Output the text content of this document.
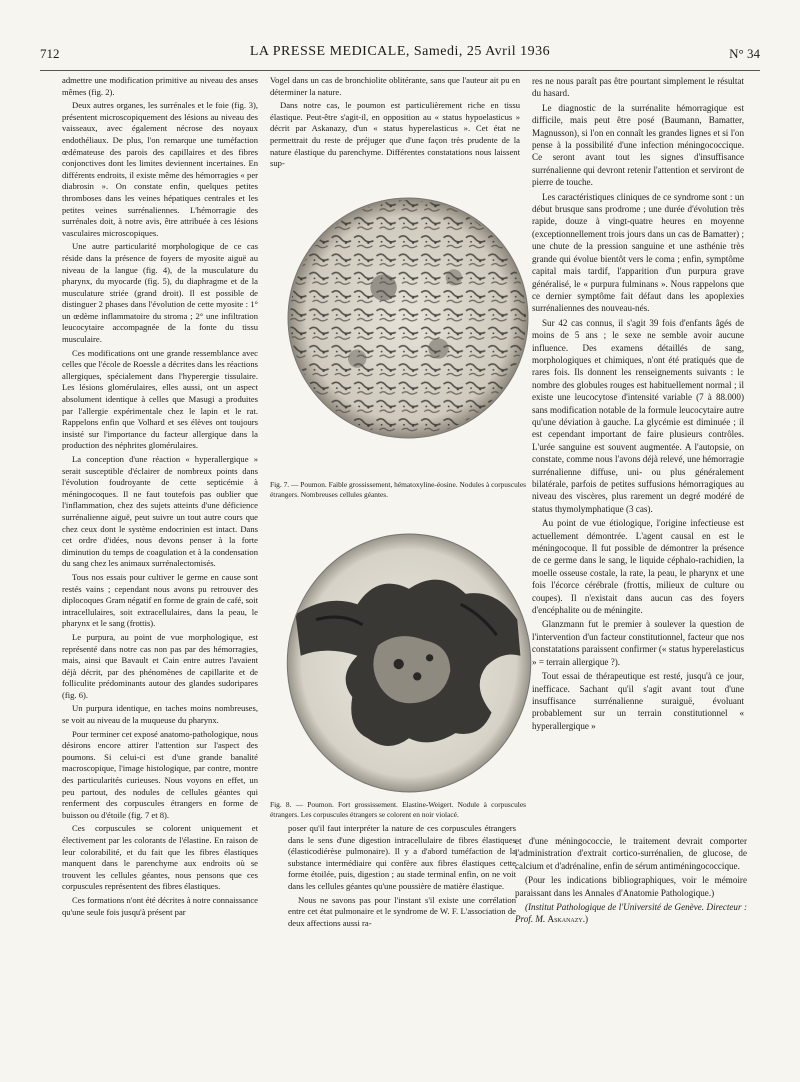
712	LA PRESSE MEDICALE, Samedi, 25 Avril 1936	N° 34

admettre une modification primitive au niveau des anses mêmes (fig. 2).

Deux autres organes, les surrénales et le foie (fig. 3), présentent microscopiquement des lésions au niveau des vaisseaux, avec également nécrose des noyaux endothéliaux. De plus, l'on remarque une tuméfaction œdémateuse des parois des capillaires et des fibres conjonctives dont les limites deviennent incertaines. En différents endroits, il existe même des hémorragies « per diabrosin ». On constate enfin, quelques petites thromboses dans les veines hépatiques centrales et les petites veines surrénaliennes. L'hémorragie des surrénales doit, à notre avis, être attribuée à ces lésions vasculaires microscopiques.

Une autre particularité morphologique de ce cas réside dans la présence de foyers de myosite aiguë au niveau de la langue (fig. 4), de la musculature du pharynx, du myocarde (fig. 5), du diaphragme et de la musculature striée (grand droit). Il est possible de distinguer 2 phases dans l'évolution de cette myosite : 1° un œdème inflammatoire du stroma ; 2° une infiltration leucocytaire accompagnée de la fonte du tissu musculaire.

Ces modifications ont une grande ressemblance avec celles que l'école de Roessle a décrites dans les réactions allergiques, spécialement dans l'hyperergie tissulaire. Les lésions glomérulaires, elles aussi, ont un aspect absolument identique à celles que Masugi a produites par l'allergie expérimentale chez le lapin et le rat. Rappelons enfin que Volhard et ses élèves ont toujours insisté sur l'importance du facteur allergique dans la production des néphrites glomérulaires.

La conception d'une réaction « hyperallergique » serait susceptible d'éclairer de nombreux points dans l'évolution foudroyante de cette septicémie à méningocoques. Il ne faut toutefois pas oublier que l'inflammation, chez des sujets atteints d'une déficience surrénalienne aiguë, peut suivre un tout autre cours que chez ceux dont le système endocrinien est intact. Dans cet ordre d'idées, nous devons penser à la forte diminution du temps de coagulation et à la condensation du sang chez les animaux surrénalectomisés.

Tous nos essais pour cultiver le germe en cause sont restés vains ; cependant nous avons pu retrouver des diplocoques Gram négatif en forme de grain de café, soit intracellulaires, soit extracellulaires, dans la peau, le pharynx et le sang (frottis).

Le purpura, au point de vue morphologique, est représenté dans notre cas non pas par des hémorragies, mais, ainsi que Bavault et Cain entre autres l'avaient déjà décrit, par des phénomènes de capillarite et de folliculite prédominants autour des glandes sudoripares (fig. 6).

Un purpura identique, en taches moins nombreuses, se voit au niveau de la muqueuse du pharynx.

Pour terminer cet exposé anatomo-pathologique, nous désirons encore attirer l'attention sur l'aspect des poumons. Si celui-ci est d'une grande banalité macroscopique, l'image histologique, par contre, montre des particularités curieuses. Nous voyons en effet, un peu partout, des nodules de cellules géantes qui renferment des corpuscules étrangers en forme de buisson ou d'étoile (fig. 7 et 8).

Ces corpuscules se colorent uniquement et électivement par les colorants de l'élastine. En raison de leur colorabilité, et du fait que les fibres élastiques manquent dans le parenchyme aux endroits où se trouvent les cellules géantes, nous pensons que ces corpuscules représentent des fibres élastiques.

Ces formations n'ont été décrites à notre connaissance qu'une seule fois jusqu'à présent par

Vogel dans un cas de bronchiolite oblitérante, sans que l'auteur ait pu en déterminer la nature.

Dans notre cas, le poumon est particulièrement riche en tissu élastique. Peut-être s'agit-il, en opposition au « status hypoelasticus » décrit par Askanazy, d'un « status hyperelasticus ». Cet état ne permettrait du reste de préjuger que d'une façon très prudente de la nature élastique du parenchyme. Différentes constatations nous laissent sup-

Fig. 7. — Poumon. Faible grossissement, hématoxyline-éosine. Nodules à corpuscules étrangers. Nombreuses cellules géantes.
Fig. 8. — Poumon. Fort grossissement. Elastine-Weigert. Nodule à corpuscules étrangers. Les corpuscules étrangers se colorent en noir violacé.

poser qu'il faut interpréter la nature de ces corpuscules étrangers dans le sens d'une digestion intracellulaire de fibres élastiques (élasticodiérèse pulmonaire). Il y a d'abord tuméfaction de la substance intermédiaire qui confère aux fibres élastiques cette forme étoilée, puis, digestion ; au stade terminal enfin, on ne voit dans les cellules géantes qu'une poussière de matière élastique.

Nous ne savons pas pour l'instant s'il existe une corrélation entre cet état pulmonaire et le syndrome de W. F. L'association de deux affections aussi ra-

res ne nous paraît pas être pourtant simplement le résultat du hasard.

Le diagnostic de la surrénalite hémorragique est difficile, mais peut être posé (Baumann, Bamatter, Magnusson), si l'on en connaît les grandes lignes et si l'on pense à la possibilité d'une infection méningococcique. Ce seront avant tout les signes d'insuffisance surrénalienne qui devront retenir l'attention et serviront de pierre de touche.

Les caractéristiques cliniques de ce syndrome sont : un début brusque sans prodrome ; une durée d'évolution très rapide, douze à vingt-quatre heures en moyenne (exceptionnellement trois jours dans un cas de Bamatter) ; une chute de la pression sanguine et une asthénie très grande qui évolue bientôt vers le coma ; enfin, symptôme capital mais tardif, l'apparition d'un purpura grave généralisé, le « purpura fulminans ». Nous rappelons que ce dernier symptôme fait défaut dans les apoplexies surrénaliennes des nouveau-nés.

Sur 42 cas connus, il s'agit 39 fois d'enfants âgés de moins de 5 ans ; le sexe ne semble avoir aucune influence. Des examens détaillés de sang, morphologiques et chimiques, n'ont été pratiqués que de rares fois. Ils donnent les renseignements suivants : le nombre des globules rouges est habituellement normal ; il existe une leucocytose d'intensité variable (7 à 88.000) sans modification notable de la formule leucocytaire autre qu'une déviation à gauche. La glycémie est diminuée ; il est cependant important de faire plusieurs contrôles. L'urée sanguine est souvent augmentée. A l'autopsie, on constate, comme nous l'avons déjà relevé, une hémorragie surrénalienne diffuse, uni- ou plus généralement bilatérale, parfois de petites suffusions hémorragiques au niveau des viscères, plus rarement un degré modéré de status thymolymphatique (3 cas).

Au point de vue étiologique, l'origine infectieuse est actuellement démontrée. L'agent causal en est le méningocoque. Il fut possible de démontrer la présence de ce germe dans le sang, le liquide céphalo-rachidien, la moelle osseuse costale, la rate, la peau, le pharynx et une fois l'écorce cérébrale (frottis, milieux de culture ou coupes). Il n'existait dans aucun cas des foyers d'encéphalite ou de méningite.

Glanzmann fut le premier à soulever la question de l'intervention d'un facteur constitutionnel, facteur que nos constatations paraissent confirmer (« status hyperelasticus » = terrain allergique ?).

Tout essai de thérapeutique est resté, jusqu'à ce jour, inefficace. Sachant qu'il s'agit avant tout d'une insuffisance surrénalienne suraiguë, évoluant probablement sur un terrain constitutionnel « hyperallergique »

et d'une méningococcie, le traitement devrait comporter l'administration d'extrait cortico-surrénalien, de glucose, de calcium et d'adrénaline, enfin de sérum antiméningococcique.

(Pour les indications bibliographiques, voir le mémoire paraissant dans les Annales d'Anatomie Pathologique.)

(Institut Pathologique de l'Université de Genève. Directeur : Prof. M. Askanazy.)
